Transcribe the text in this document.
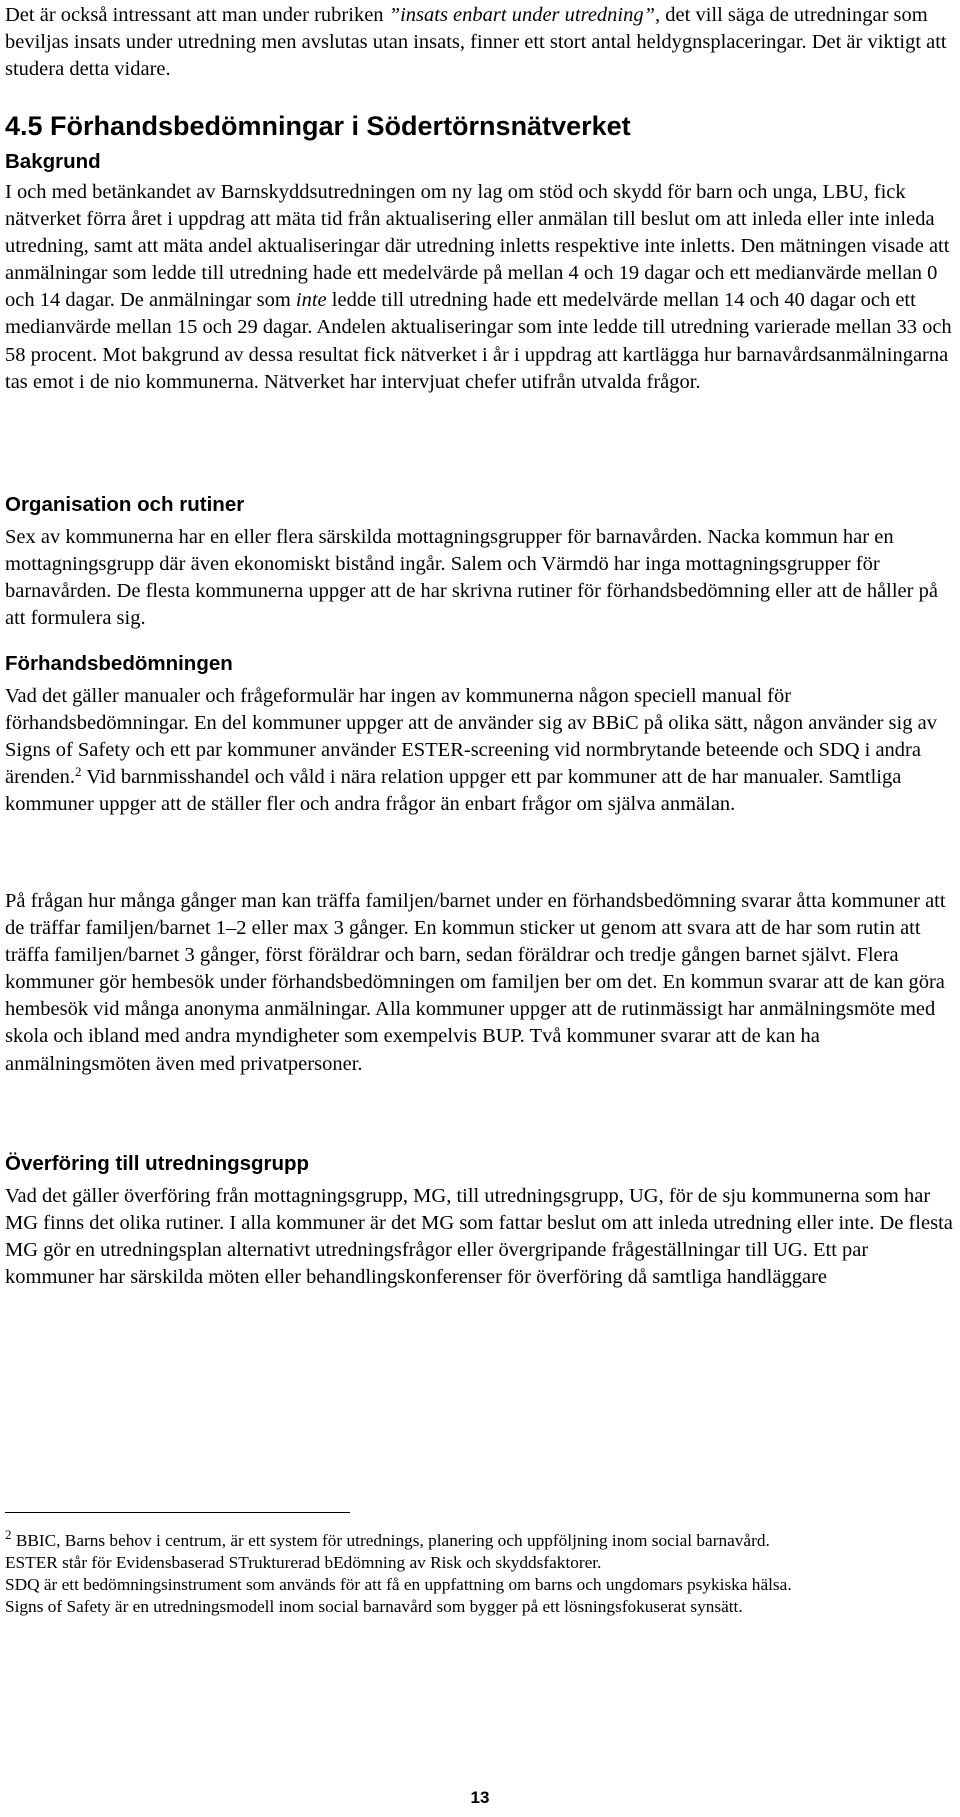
Det är också intressant att man under rubriken ”insats enbart under utredning”, det vill säga de utredningar som beviljas insats under utredning men avslutas utan insats, finner ett stort antal heldygnsplaceringar. Det är viktigt att studera detta vidare.

4.5 Förhandsbedömningar i Södertörnsnätverket
Bakgrund

I och med betänkandet av Barnskyddsutredningen om ny lag om stöd och skydd för barn och unga, LBU, fick nätverket förra året i uppdrag att mäta tid från aktualisering eller anmälan till beslut om att inleda eller inte inleda utredning, samt att mäta andel aktualiseringar där utredning inletts respektive inte inletts. Den mätningen visade att anmälningar som ledde till utredning hade ett medelvärde på mellan 4 och 19 dagar och ett medianvärde mellan 0 och 14 dagar. De anmälningar som inte ledde till utredning hade ett medelvärde mellan 14 och 40 dagar och ett medianvärde mellan 15 och 29 dagar. Andelen aktualiseringar som inte ledde till utredning varierade mellan 33 och 58 procent. Mot bakgrund av dessa resultat fick nätverket i år i uppdrag att kartlägga hur barnavårdsanmälningarna tas emot i de nio kommunerna. Nätverket har intervjuat chefer utifrån utvalda frågor.

Organisation och rutiner

Sex av kommunerna har en eller flera särskilda mottagningsgrupper för barnavården. Nacka kommun har en mottagningsgrupp där även ekonomiskt bistånd ingår. Salem och Värmdö har inga mottagningsgrupper för barnavården. De flesta kommunerna uppger att de har skrivna rutiner för förhandsbedömning eller att de håller på att formulera sig.

Förhandsbedömningen

Vad det gäller manualer och frågeformulär har ingen av kommunerna någon speciell manual för förhandsbedömningar. En del kommuner uppger att de använder sig av BBiC på olika sätt, någon använder sig av Signs of Safety och ett par kommuner använder ESTER-screening vid normbrytande beteende och SDQ i andra ärenden.$^2$ Vid barnmisshandel och våld i nära relation uppger ett par kommuner att de har manualer. Samtliga kommuner uppger att de ställer fler och andra frågor än enbart frågor om själva anmälan.

På frågan hur många gånger man kan träffa familjen/barnet under en förhandsbedömning svarar åtta kommuner att de träffar familjen/barnet 1–2 eller max 3 gånger. En kommun sticker ut genom att svara att de har som rutin att träffa familjen/barnet 3 gånger, först föräldrar och barn, sedan föräldrar och tredje gången barnet självt. Flera kommuner gör hembesök under förhandsbedömningen om familjen ber om det. En kommun svarar att de kan göra hembesök vid många anonyma anmälningar. Alla kommuner uppger att de rutinmässigt har anmälningsmöte med skola och ibland med andra myndigheter som exempelvis BUP. Två kommuner svarar att de kan ha anmälningsmöten även med privatpersoner.

Överföring till utredningsgrupp

Vad det gäller överföring från mottagningsgrupp, MG, till utredningsgrupp, UG, för de sju kommunerna som har MG finns det olika rutiner. I alla kommuner är det MG som fattar beslut om att inleda utredning eller inte. De flesta MG gör en utredningsplan alternativt utredningsfrågor eller övergripande frågeställningar till UG. Ett par kommuner har särskilda möten eller behandlingskonferenser för överföring då samtliga handläggare

$^2$ BBIC, Barns behov i centrum, är ett system för utrednings, planering och uppföljning inom social barnavård.

ESTER står för Evidensbaserad STrukturerad bEdömning av Risk och skyddsfaktorer.

SDQ är ett bedömningsinstrument som används för att få en uppfattning om barns och ungdomars psykiska hälsa.

Signs of Safety är en utredningsmodell inom social barnavård som bygger på ett lösningsfokuserat synsätt.

13
